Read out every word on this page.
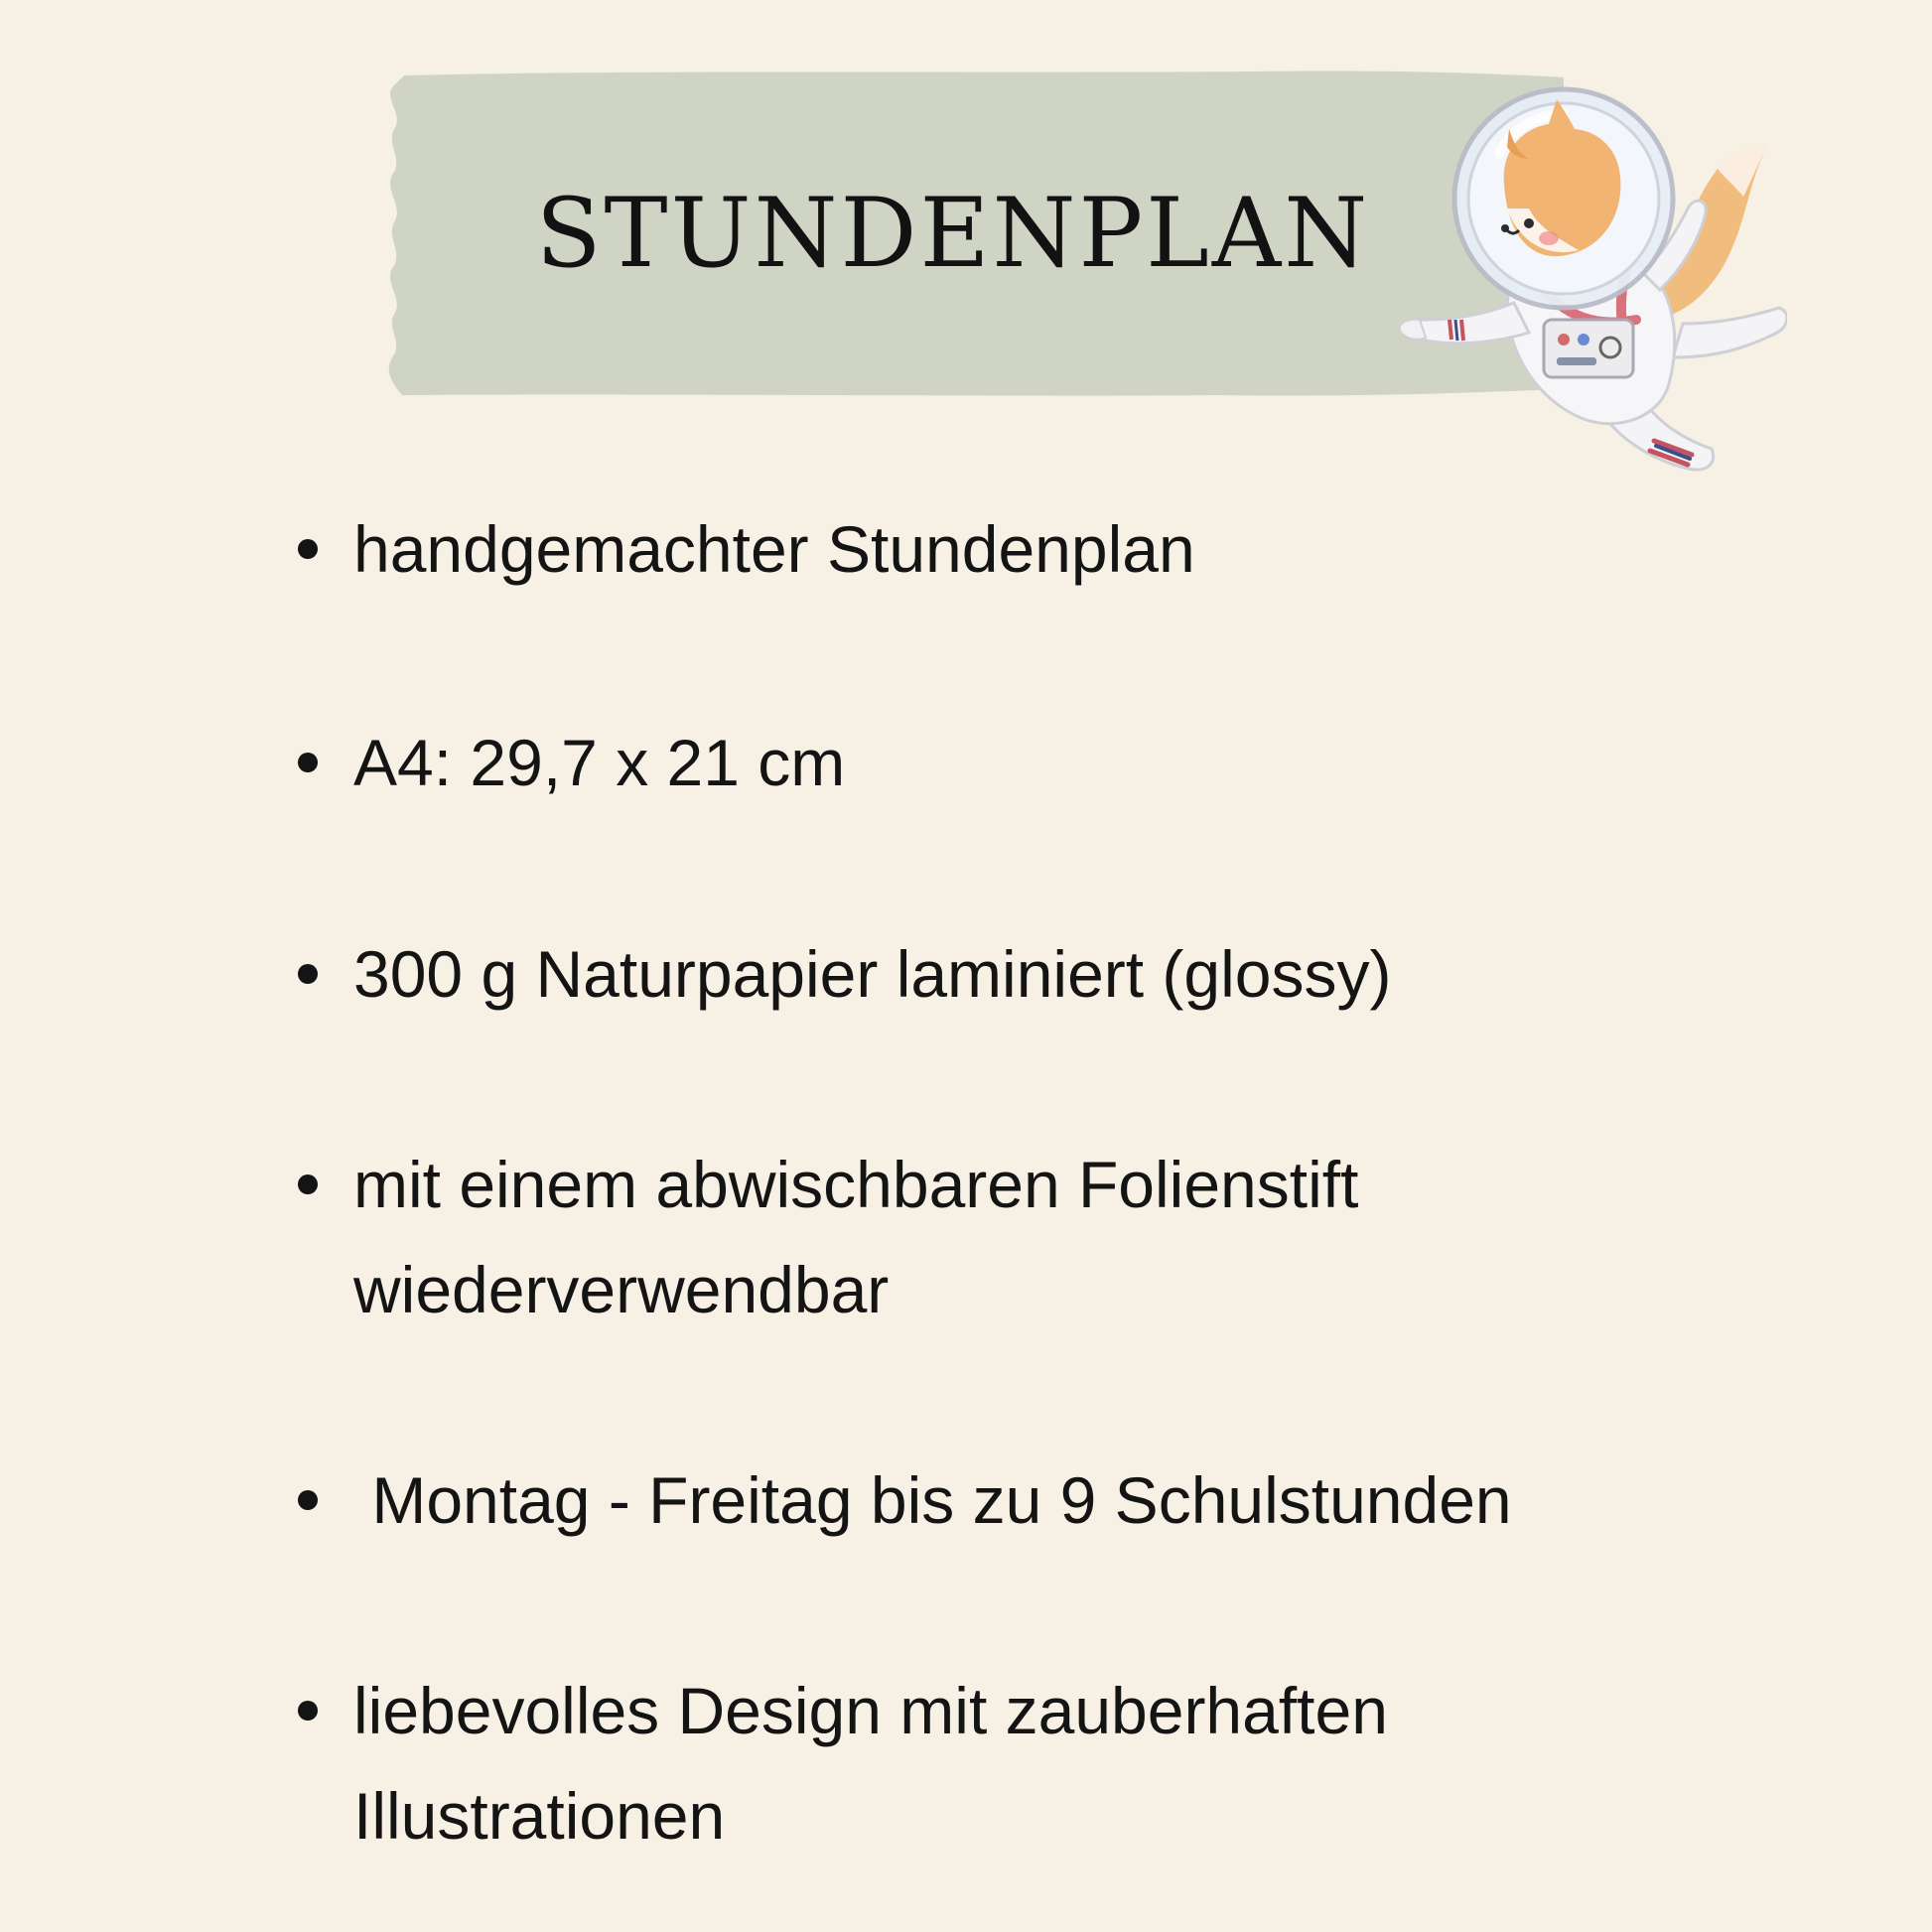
STUNDENPLAN
handgemachter Stundenplan
A4: 29,7 x 21 cm
300 g Naturpapier laminiert (glossy)
mit einem abwischbaren Folienstift
wiederverwendbar
Montag - Freitag bis zu 9 Schulstunden
liebevolles Design mit zauberhaften
Illustrationen
